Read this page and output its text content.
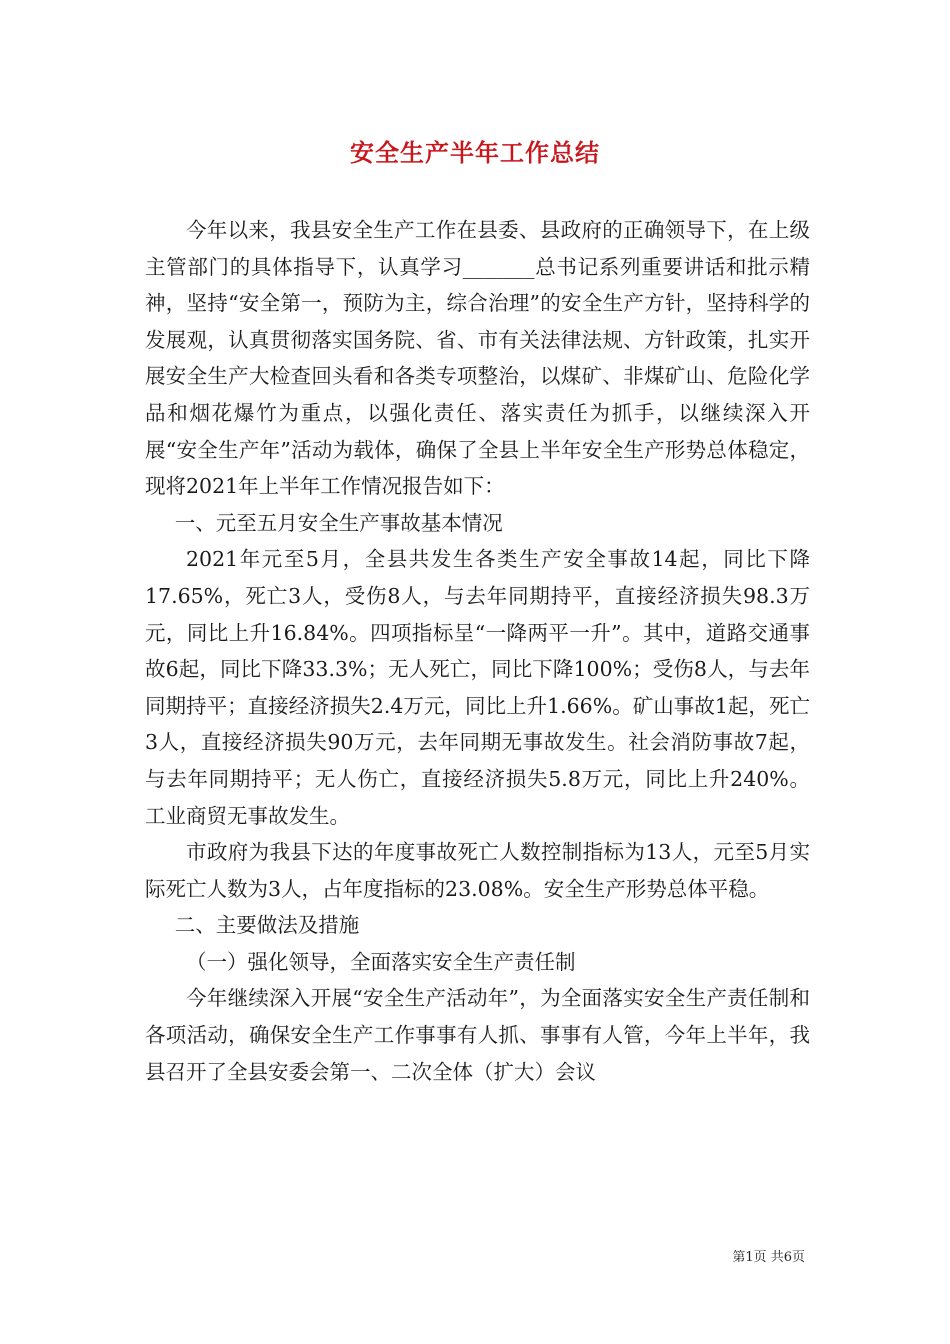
安全生产半年工作总结

今年以来，我县安全生产工作在县委、县政府的正确领导下，在上级主管部门的具体指导下，认真学习_______总书记系列重要讲话和批示精神，坚持“安全第一，预防为主，综合治理”的安全生产方针，坚持科学的发展观，认真贯彻落实国务院、省、市有关法律法规、方针政策，扎实开展安全生产大检查回头看和各类专项整治，以煤矿、非煤矿山、危险化学品和烟花爆竹为重点，以强化责任、落实责任为抓手，以继续深入开展“安全生产年”活动为载体，确保了全县上半年安全生产形势总体稳定，现将2021年上半年工作情况报告如下：

一、元至五月安全生产事故基本情况

2021年元至5月，全县共发生各类生产安全事故14起，同比下降17.65%，死亡3人，受伤8人，与去年同期持平，直接经济损失98.3万元，同比上升16.84%。四项指标呈“一降两平一升”。其中，道路交通事故6起，同比下降33.3%；无人死亡，同比下降100%；受伤8人，与去年同期持平；直接经济损失2.4万元，同比上升1.66%。矿山事故1起，死亡3人，直接经济损失90万元，去年同期无事故发生。社会消防事故7起，与去年同期持平；无人伤亡，直接经济损失5.8万元，同比上升240%。工业商贸无事故发生。

市政府为我县下达的年度事故死亡人数控制指标为13人，元至5月实际死亡人数为3人，占年度指标的23.08%。安全生产形势总体平稳。

二、主要做法及措施

（一）强化领导，全面落实安全生产责任制

今年继续深入开展“安全生产活动年”，为全面落实安全生产责任制和各项活动，确保安全生产工作事事有人抓、事事有人管，今年上半年，我县召开了全县安委会第一、二次全体（扩大）会议

第1页 共6页
